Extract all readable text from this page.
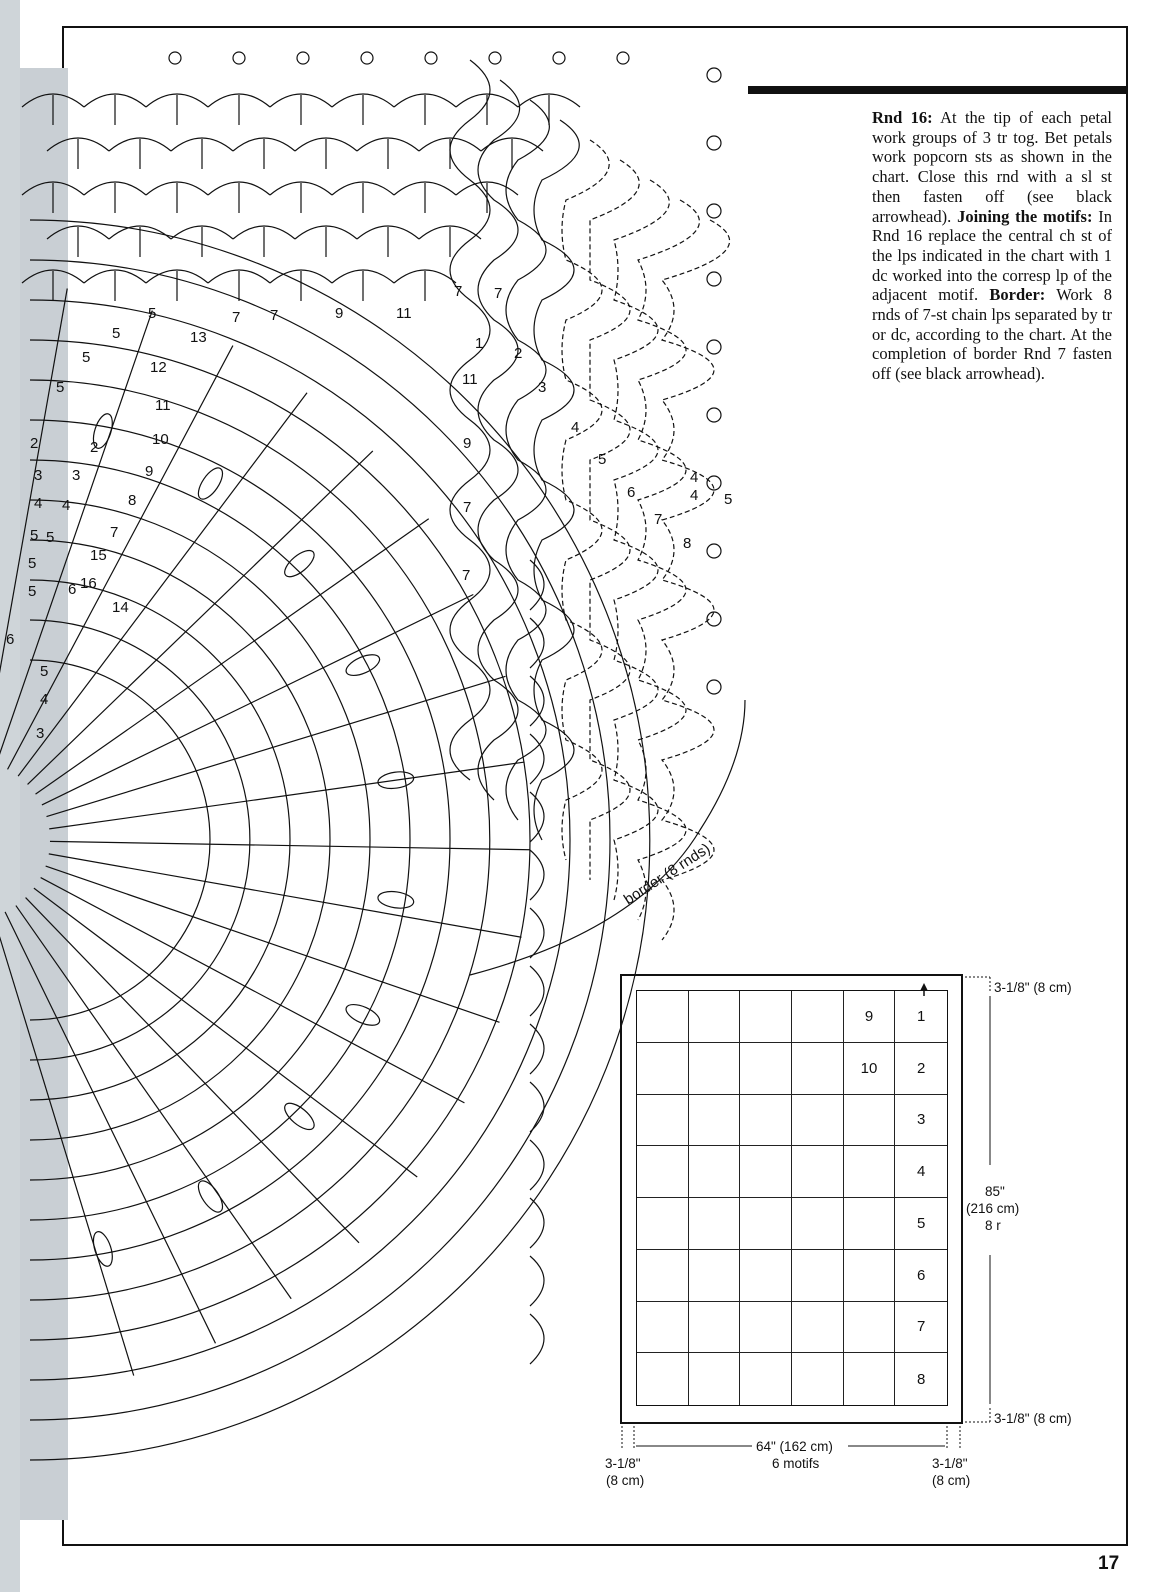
2
3
4
5
6
7
8
9
10
11
12
13
14
15
16
5
5
5
5
7 7	9	11
7 7
11
9
7
7
1
2
3
4
5
6
7
8
2
3
4
5
5
5
6
5
4
3
4
4 5
border (8 rnds)
Rnd 16: At the tip of each petal work groups of 3 tr tog. Bet petals work popcorn sts as shown in the chart. Close this rnd with a sl st then fasten off (see black arrowhead). Joining the motifs: In Rnd 16 replace the central ch st of the lps indicated in the chart with 1 dc worked into the corresp lp of the adjacent motif. Border: Work 8 rnds of 7-st chain lps separated by tr or dc, according to the chart. At the completion of border Rnd 7 fasten off (see black arrowhead).
9	1
10	2
3
4
5
6
7
8
3-1/8" (8 cm)
3-1/8" (8 cm)
85"
(216 cm)
8 r
64" (162 cm)
6 motifs
3-1/8"
(8 cm)
3-1/8"
(8 cm)
17
